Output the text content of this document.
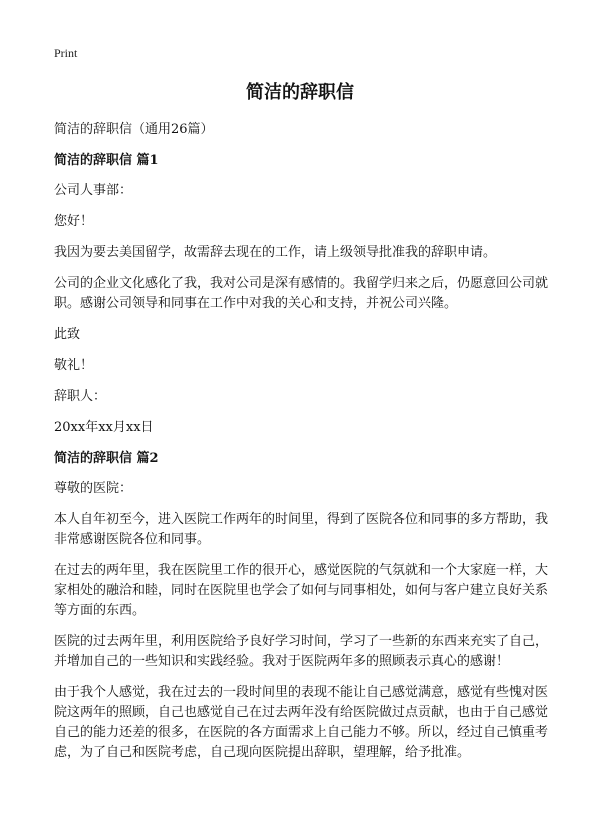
Print
简洁的辞职信

简洁的辞职信（通用26篇）

简洁的辞职信 篇1

公司人事部：

您好！

我因为要去美国留学，故需辞去现在的工作，请上级领导批准我的辞职申请。

公司的企业文化感化了我，我对公司是深有感情的。我留学归来之后，仍愿意回公司就职。感谢公司领导和同事在工作中对我的关心和支持，并祝公司兴隆。

此致

敬礼！

辞职人：

20xx年xx月xx日

简洁的辞职信 篇2

尊敬的医院：

本人自年初至今，进入医院工作两年的时间里，得到了医院各位和同事的多方帮助，我非常感谢医院各位和同事。

在过去的两年里，我在医院里工作的很开心，感觉医院的气氛就和一个大家庭一样，大家相处的融洽和睦，同时在医院里也学会了如何与同事相处，如何与客户建立良好关系等方面的东西。

医院的过去两年里，利用医院给予良好学习时间，学习了一些新的东西来充实了自己，并增加自己的一些知识和实践经验。我对于医院两年多的照顾表示真心的感谢！

由于我个人感觉，我在过去的一段时间里的表现不能让自己感觉满意，感觉有些愧对医院这两年的照顾，自己也感觉自己在过去两年没有给医院做过点贡献，也由于自己感觉自己的能力还差的很多，在医院的各方面需求上自己能力不够。所以，经过自己慎重考虑，为了自己和医院考虑，自己现向医院提出辞职，望理解，给予批准。
